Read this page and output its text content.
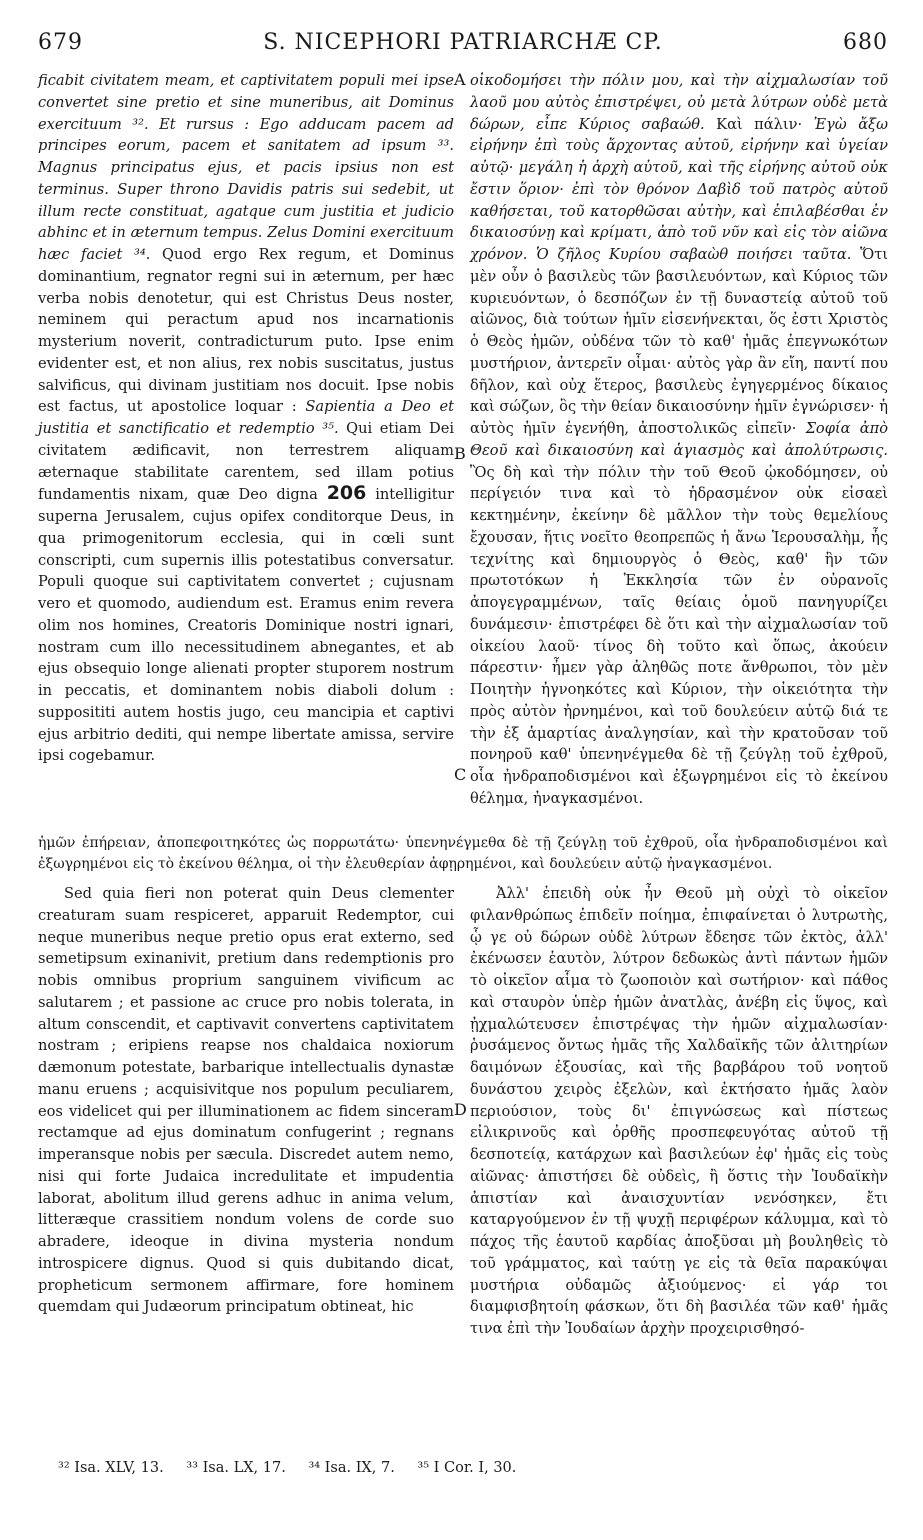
679	S. NICEPHORI PATRIARCHÆ CP.	680
A
B
C
D

ficabit civitatem meam, et captivitatem populi mei ipse convertet sine pretio et sine muneribus, ait Dominus exercituum ³². Et rursus : Ego adducam pacem ad principes eorum, pacem et sanitatem ad ipsum ³³. Magnus principatus ejus, et pacis ipsius non est terminus. Super throno Davidis patris sui sedebit, ut illum recte constituat, agatque cum justitia et judicio abhinc et in æternum tempus. Zelus Domini exercituum hæc faciet ³⁴. Quod ergo Rex regum, et Dominus dominantium, regnator regni sui in æternum, per hæc verba nobis denotetur, qui est Christus Deus noster, neminem qui peractum apud nos incarnationis mysterium noverit, contradicturum puto. Ipse enim evidenter est, et non alius, rex nobis suscitatus, justus salvificus, qui divinam justitiam nos docuit. Ipse nobis est factus, ut apostolice loquar : Sapientia a Deo et justitia et sanctificatio et redemptio ³⁵. Qui etiam Dei civitatem ædificavit, non terrestrem aliquam æternaque stabilitate carentem, sed illam potius fundamentis nixam, quæ Deo digna 206 intelligitur superna Jerusalem, cujus opifex conditorque Deus, in qua primogenitorum ecclesia, qui in cœli sunt conscripti, cum supernis illis potestatibus conversatur. Populi quoque sui captivitatem convertet ; cujusnam vero et quomodo, audiendum est. Eramus enim revera olim nos homines, Creatoris Dominique nostri ignari, nostram cum illo necessitudinem abnegantes, et ab ejus obsequio longe alienati propter stuporem nostrum in peccatis, et dominantem nobis diaboli dolum : supposititi autem hostis jugo, ceu mancipia et captivi ejus arbitrio dediti, qui nempe libertate amissa, servire ipsi cogebamur.

οἰκοδομήσει τὴν πόλιν μου, καὶ τὴν αἰχμαλωσίαν τοῦ λαοῦ μου αὐτὸς ἐπιστρέψει, οὐ μετὰ λύτρων οὐδὲ μετὰ δώρων, εἶπε Κύριος σαβαώθ. Καὶ πάλιν· Ἐγὼ ἄξω εἰρήνην ἐπὶ τοὺς ἄρχοντας αὐτοῦ, εἰρήνην καὶ ὑγείαν αὐτῷ· μεγάλη ἡ ἀρχὴ αὐτοῦ, καὶ τῆς εἰρήνης αὐτοῦ οὐκ ἔστιν ὅριον· ἐπὶ τὸν θρόνον Δαβὶδ τοῦ πατρὸς αὐτοῦ καθήσεται, τοῦ κατορθῶσαι αὐτὴν, καὶ ἐπιλαβέσθαι ἐν δικαιοσύνῃ καὶ κρίματι, ἀπὸ τοῦ νῦν καὶ εἰς τὸν αἰῶνα χρόνον. Ὁ ζῆλος Κυρίου σαβαὼθ ποιήσει ταῦτα. Ὅτι μὲν οὖν ὁ βασιλεὺς τῶν βασιλευόντων, καὶ Κύριος τῶν κυριευόντων, ὁ δεσπόζων ἐν τῇ δυναστείᾳ αὐτοῦ τοῦ αἰῶνος, διὰ τούτων ἡμῖν εἰσενήνεκται, ὅς ἐστι Χριστὸς ὁ Θεὸς ἡμῶν, οὐδένα τῶν τὸ καθ' ἡμᾶς ἐπεγνωκότων μυστήριον, ἀντερεῖν οἶμαι· αὐτὸς γὰρ ἂν εἴη, παντί που δῆλον, καὶ οὐχ ἕτερος, βασιλεὺς ἐγηγερμένος δίκαιος καὶ σώζων, ὃς τὴν θείαν δικαιοσύνην ἡμῖν ἐγνώρισεν· ἡ αὐτὸς ἡμῖν ἐγενήθη, ἀποστολικῶς εἰπεῖν· Σοφία ἀπὸ Θεοῦ καὶ δικαιοσύνη καὶ ἁγιασμὸς καὶ ἀπολύτρωσις. Ὃς δὴ καὶ τὴν πόλιν τὴν τοῦ Θεοῦ ᾠκοδόμησεν, οὐ περίγειόν τινα καὶ τὸ ἡδρασμένον οὐκ εἰσαεὶ κεκτημένην, ἐκείνην δὲ μᾶλλον τὴν τοὺς θεμελίους ἔχουσαν, ἥτις νοεῖτο θεοπρεπῶς ἡ ἄνω Ἱερουσαλὴμ, ἧς τεχνίτης καὶ δημιουργὸς ὁ Θεὸς, καθ' ἣν τῶν πρωτοτόκων ἡ Ἐκκλησία τῶν ἐν οὐρανοῖς ἀπογεγραμμένων, ταῖς θείαις ὁμοῦ πανηγυρίζει δυνάμεσιν· ἐπιστρέφει δὲ ὅτι καὶ τὴν αἰχμαλωσίαν τοῦ οἰκείου λαοῦ· τίνος δὴ τοῦτο καὶ ὅπως, ἀκούειν πάρεστιν· ἦμεν γὰρ ἀληθῶς ποτε ἄνθρωποι, τὸν μὲν Ποιητὴν ἠγνοηκότες καὶ Κύριον, τὴν οἰκειότητα τὴν πρὸς αὐτὸν ἠρνημένοι, καὶ τοῦ δουλεύειν αὐτῷ διά τε τὴν ἐξ ἁμαρτίας ἀναλγησίαν, καὶ τὴν κρατοῦσαν τοῦ πονηροῦ καθ' ὑπενηνέγμεθα δὲ τῇ ζεύγλῃ τοῦ ἐχθροῦ, οἷα ἠνδραποδισμένοι καὶ ἐξωγρημένοι εἰς τὸ ἐκείνου θέλημα, ἠναγκασμένοι.

ἡμῶν ἐπήρειαν, ἀποπεφοιτηκότες ὡς πορρωτάτω· ὑπενηνέγμεθα δὲ τῇ ζεύγλῃ τοῦ ἐχθροῦ, οἷα ἠνδραποδισμένοι καὶ ἐξωγρημένοι εἰς τὸ ἐκείνου θέλημα, οἱ τὴν ἐλευθερίαν ἀφῃρημένοι, καὶ δουλεύειν αὐτῷ ἠναγκασμένοι.

Sed quia fieri non poterat quin Deus clementer creaturam suam respiceret, apparuit Redemptor, cui neque muneribus neque pretio opus erat externo, sed semetipsum exinanivit, pretium dans redemptionis pro nobis omnibus proprium sanguinem vivificum ac salutarem ; et passione ac cruce pro nobis tolerata, in altum conscendit, et captivavit convertens captivitatem nostram ; eripiens reapse nos chaldaica noxiorum dæmonum potestate, barbarique intellectualis dynastæ manu eruens ; acquisivitque nos populum peculiarem, eos videlicet qui per illuminationem ac fidem sinceram rectamque ad ejus dominatum confugerint ; regnans imperansque nobis per sæcula. Discredet autem nemo, nisi qui forte Judaica incredulitate et impudentia laborat, abolitum illud gerens adhuc in anima velum, litteræque crassitiem nondum volens de corde suo abradere, ideoque in divina mysteria nondum introspicere dignus. Quod si quis dubitando dicat, propheticum sermonem affirmare, fore hominem quemdam qui Judæorum principatum obtineat, hic

Ἀλλ' ἐπειδὴ οὐκ ἦν Θεοῦ μὴ οὐχὶ τὸ οἰκεῖον φιλανθρώπως ἐπιδεῖν ποίημα, ἐπιφαίνεται ὁ λυτρωτὴς, ᾧ γε οὐ δώρων οὐδὲ λύτρων ἔδεησε τῶν ἐκτὸς, ἀλλ' ἐκένωσεν ἑαυτὸν, λύτρον δεδωκὼς ἀντὶ πάντων ἡμῶν τὸ οἰκεῖον αἷμα τὸ ζωοποιὸν καὶ σωτήριον· καὶ πάθος καὶ σταυρὸν ὑπὲρ ἡμῶν ἀνατλὰς, ἀνέβη εἰς ὕψος, καὶ ᾐχμαλώτευσεν ἐπιστρέψας τὴν ἡμῶν αἰχμαλωσίαν· ῥυσάμενος ὄντως ἡμᾶς τῆς Χαλδαϊκῆς τῶν ἀλιτηρίων δαιμόνων ἐξουσίας, καὶ τῆς βαρβάρου τοῦ νοητοῦ δυνάστου χειρὸς ἐξελὼν, καὶ ἐκτήσατο ἡμᾶς λαὸν περιούσιον, τοὺς δι' ἐπιγνώσεως καὶ πίστεως εἰλικρινοῦς καὶ ὀρθῆς προσπεφευγότας αὐτοῦ τῇ δεσποτείᾳ, κατάρχων καὶ βασιλεύων ἐφ' ἡμᾶς εἰς τοὺς αἰῶνας· ἀπιστήσει δὲ οὐδεὶς, ἢ ὅστις τὴν Ἰουδαϊκὴν ἀπιστίαν καὶ ἀναισχυντίαν νενόσηκεν, ἔτι καταργούμενον ἐν τῇ ψυχῇ περιφέρων κάλυμμα, καὶ τὸ πάχος τῆς ἑαυτοῦ καρδίας ἀποξῦσαι μὴ βουληθεὶς τὸ τοῦ γράμματος, καὶ ταύτῃ γε εἰς τὰ θεῖα παρακύψαι μυστήρια οὐδαμῶς ἀξιούμενος· εἰ γάρ τοι διαμφισβητοίη φάσκων, ὅτι δὴ βασιλέα τῶν καθ' ἡμᾶς τινα ἐπὶ τὴν Ἰουδαίων ἀρχὴν προχειρισθησό-

³² Isa. XLV, 13. ³³ Isa. LX, 17. ³⁴ Isa. IX, 7. ³⁵ I Cor. I, 30.
